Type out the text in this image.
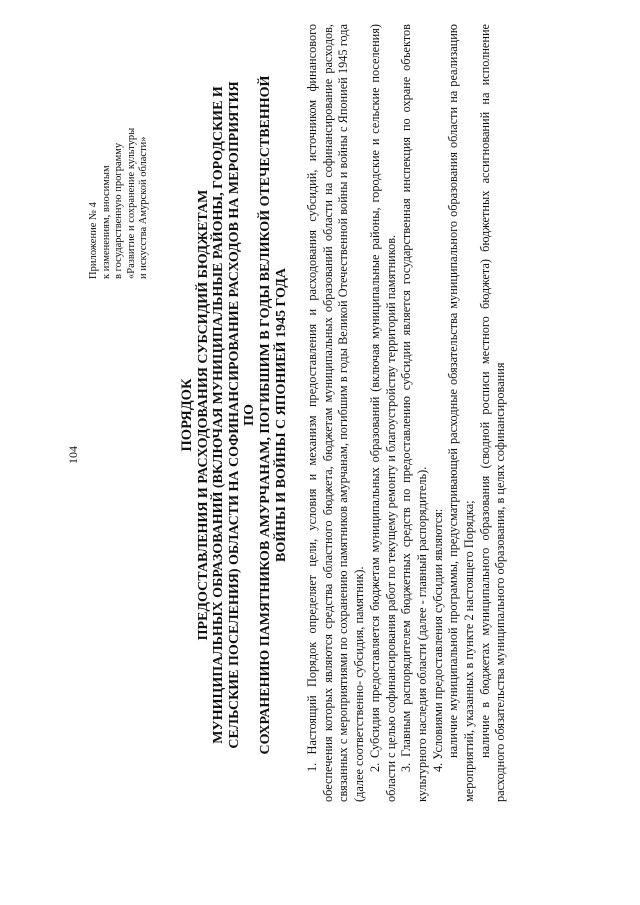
104
Приложение № 4 к изменениям, вносимым в государственную программу «Развитие и сохранение культуры и искусства Амурской области»
ПОРЯДОК ПРЕДОСТАВЛЕНИЯ И РАСХОДОВАНИЯ СУБСИДИЙ БЮДЖЕТАМ МУНИЦИПАЛЬНЫХ ОБРАЗОВАНИЙ (ВКЛЮЧАЯ МУНИЦИПАЛЬНЫЕ РАЙОНЫ, ГОРОДСКИЕ И СЕЛЬСКИЕ ПОСЕЛЕНИЯ) ОБЛАСТИ НА СОФИНАНСИРОВАНИЕ РАСХОДОВ НА МЕРОПРИЯТИЯ ПО СОХРАНЕНИЮ ПАМЯТНИКОВ АМУРЧАНАМ, ПОГИБШИМ В ГОДЫ ВЕЛИКОЙ ОТЕЧЕСТВЕННОЙ ВОЙНЫ И ВОЙНЫ С ЯПОНИЕЙ 1945 ГОДА 1. Настоящий Порядок определяет цели, условия и механизм предоставления и расходования субсидий, источником финансового обеспечения которых являются средства областного бюджета, бюджетам муниципальных образований области на софинансирование расходов, связанных с мероприятиями по сохранению памятников амурчанам, погибшим в годы Великой Отечественной войны и войны с Японией 1945 года (далее соответственно- субсидия, памятник). 2. Субсидия предоставляется бюджетам муниципальных образований (включая муниципальные районы, городские и сельские поселения) области с целью софинансирования работ по текущему ремонту и благоустройству территорий памятников. 3. Главным распорядителем бюджетных средств по предоставлению субсидии является государственная инспекция по охране объектов культурного наследия области (далее - главный распорядитель). 4. Условиями предоставления субсидии являются: наличие муниципальной программы, предусматривающей расходные обязательства муниципального образования области на реализацию мероприятий, указанных в пункте 2 настоящего Порядка; наличие в бюджетах муниципального образования (сводной росписи местного бюджета) бюджетных ассигнований на исполнение расходного обязательства муниципального образования, в целях софинансирования
